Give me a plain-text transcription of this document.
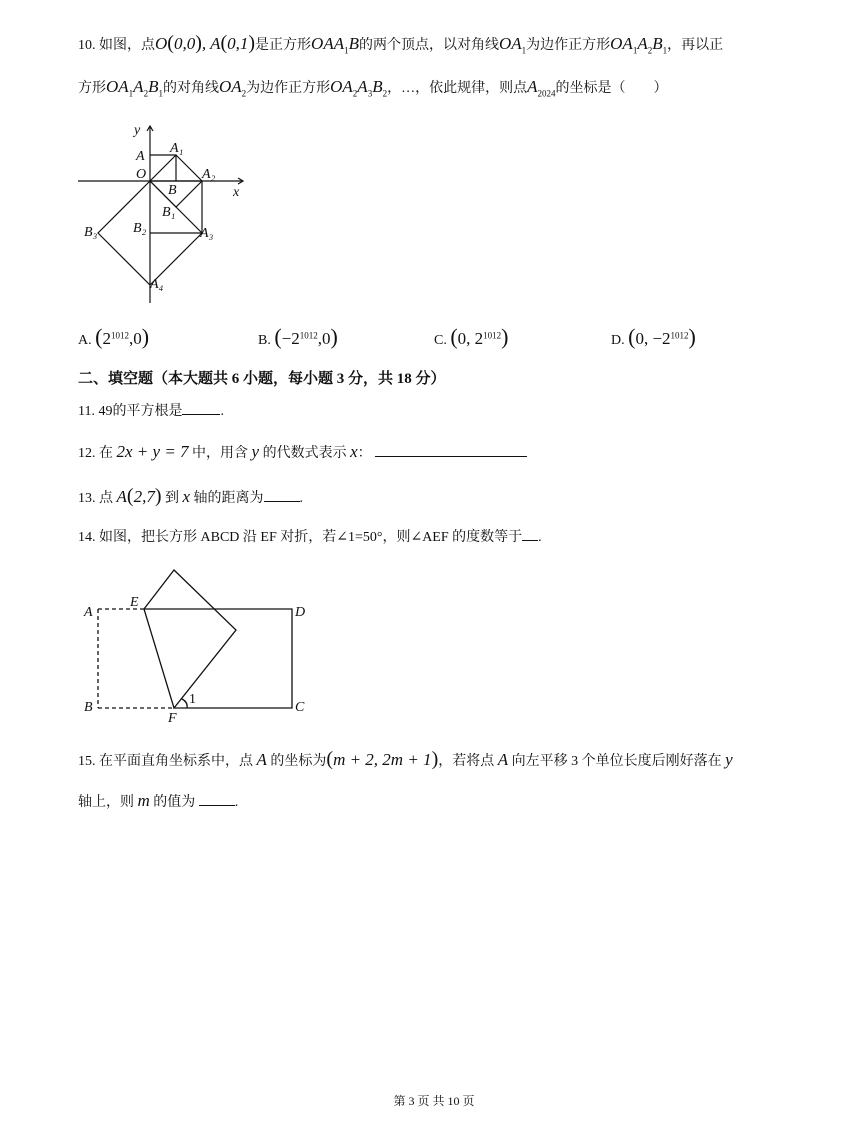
10. 如图，点O(0,0), A(0,1)是正方形$OAA_1B$的两个顶点，以对角线$OA_1$为边作正方形$OA_1A_2B_1$，再以正
方形$OA_1A_2B_1$的对角线$OA_2$为边作正方形$OA_2A_3B_2$，…，依此规律，则点$A_{2024}$的坐标是（　　）
y
x
A
A₁
O
B
A₂
B₁
B₂
B₃	A₃
A₄
A. $(2^{1012},0)$	B. $(-2^{1012},0)$	C. (0, $2^{1012}$)	D. (0, $-2^{1012}$)
二、填空题（本大题共 6 小题，每小题 3 分，共 18 分）
11. 49的平方根是	.
12. 在 2x + y = 7 中，用含 y 的代数式表示 x：
13. 点 A(2,7) 到 x 轴的距离为	.
14. 如图，把长方形 ABCD 沿 EF 对折，若∠1=50°，则∠AEF 的度数等于 .
A
E
D
B
F
C
1
15. 在平面直角坐标系中，点 A 的坐标为(m + 2, 2m + 1)，若将点 A 向左平移 3 个单位长度后刚好落在 y
轴上，则 m 的值为	.
第 3 页 共 10 页
